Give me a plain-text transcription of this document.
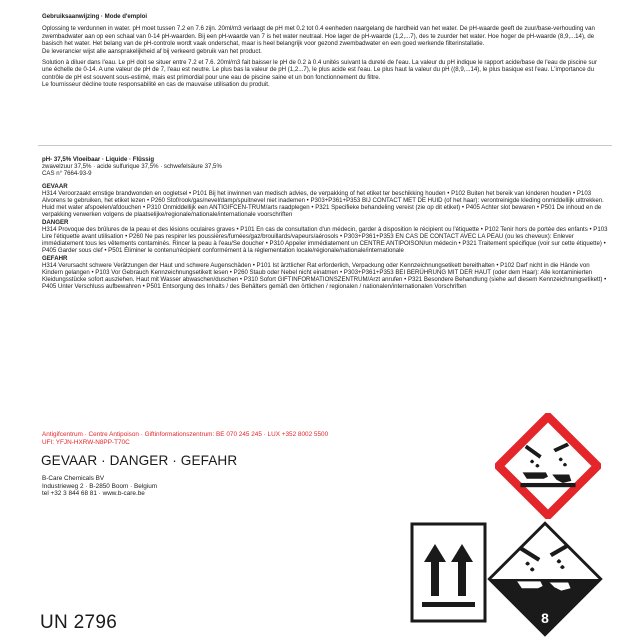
Gebruiksaanwijzing · Mode d'emploi

Oplossing te verdunnen in water. pH moet tussen 7.2 en 7.6 zijn. 20ml/m3 verlaagt de pH met 0.2 tot 0.4 eenheden naargelang de hardheid van het water. De pH-waarde geeft de zuur/base-verhouding van zwembadwater aan op een schaal van 0-14 pH-waarden. Bij een pH-waarde van 7 is het water neutraal. Hoe lager de pH-waarde (1,2,...7), des te zuurder het water. Hoe hoger de pH-waarde (8,9,...14), de basisch het water. Het belang van de pH-controle wordt vaak onderschat, maar is heel belangrijk voor gezond zwembadwater en een goed werkende filterinstallatie.

De leverancier wijst alle aansprakelijkheid af bij verkeerd gebruik van het product.

Solution à diluer dans l'eau. Le pH doit se situer entre 7.2 et 7.6. 20ml/m3 fait baisser le pH de 0.2 à 0.4 unités suivant la dureté de l'eau. La valeur du pH indique le rapport acide/base de l'eau de piscine sur une échelle de 0-14. A une valeur de pH de 7, l'eau est neutre. Le plus bas la valeur de pH (1,2...7), le plus acide est l'eau. Le plus haut la valeur du pH ((8,9,...14), le plus basique est l'eau. L'importance du contrôle de pH est souvent sous-estimé, mais est primordial pour une eau de piscine saine et un bon fonctionnement du filtre.

Le fournisseur décline toute responsabilité en cas de mauvaise utilisation du produit.

pH- 37,5% Vloeibaar · Liquide · Flüssig
zwavelzuur 37,5% · acide sulfurique 37,5% · schwefelsäure 37,5%
CAS n° 7664-93-9
GEVAAR

H314 Veroorzaakt ernstige brandwonden en oogletsel • P101 Bij het inwinnen van medisch advies, de verpakking of het etiket ter beschikking houden • P102 Buiten het bereik van kinderen houden • P103 Alvorens te gebruiken, het etiket lezen • P260 Stof/rook/gas/nevel/damp/spuitnevel niet inademen • P303+P361+P353 BIJ CONTACT MET DE HUID (of het haar): verontreinigde kleding onmiddellijk uittrekken. Huid met water afspoelen/afdouchen • P310 Onmiddellijk een ANTIGIFCEN-TRUM/arts raadplegen • P321 Specifieke behandeling vereist (zie op dit etiket) • P405 Achter slot bewaren • P501 De inhoud en de verpakking verwerken volgens de plaatselijke/regionale/nationale/internationale voorschriften

DANGER

H314 Provoque des brûlures de la peau et des lésions oculaires graves • P101 En cas de consultation d'un médecin, garder à disposition le récipient ou l'étiquette • P102 Tenir hors de portée des enfants • P103 Lire l'étiquette avant utilisation • P260 Ne pas respirer les poussières/fumées/gaz/brouillards/vapeurs/aérosols • P303+P361+P353 EN CAS DE CONTACT AVEC LA PEAU (ou les cheveux): Enlever immédiatement tous les vêtements contaminés. Rincer la peau à l'eau/Se doucher • P310 Appeler immédiatement un CENTRE ANTIPOISON/un médecin • P321 Traitement spécifique (voir sur cette étiquette) • P405 Garder sous clef • P501 Éliminer le contenu/récipient conformément à la réglementation locale/régionale/nationale/internationale

GEFAHR

H314 Verursacht schwere Verätzungen der Haut und schwere Augenschäden • P101 Ist ärztlicher Rat erforderlich, Verpackung oder Kennzeichnungsetikett bereithalten • P102 Darf nicht in die Hände von Kindern gelangen • P103 Vor Gebrauch Kennzeichnungsetikett lesen • P260 Staub oder Nebel nicht einatmen • P303+P361+P353 BEI BERÜHRUNG MIT DER HAUT (oder dem Haar): Alle kontaminierten Kleidungsstücke sofort ausziehen. Haut mit Wasser abwaschen/duschen • P310 Sofort GIFTINFORMATIONSZENTRUM/Arzt anrufen • P321 Besondere Behandlung (siehe auf diesem Kennzeichnungsetikett) • P405 Unter Verschluss aufbewahren • P501 Entsorgung des Inhalts / des Behälters gemäß den örtlichen / regionalen / nationalen/internationalen Vorschriften

Antigifcentrum · Centre Antipoison · Giftinformationszentrum: BE 070 245 245 · LUX +352 8002 5500
UFI: YFJN-HXRW-N8PP-T70C
GEVAAR · DANGER · GEFAHR
B-Care Chemicals BV
Industrieweg 2 · B-2850 Boom · Belgium
tel +32 3 844 68 81 · www.b-care.be
8
UN 2796
